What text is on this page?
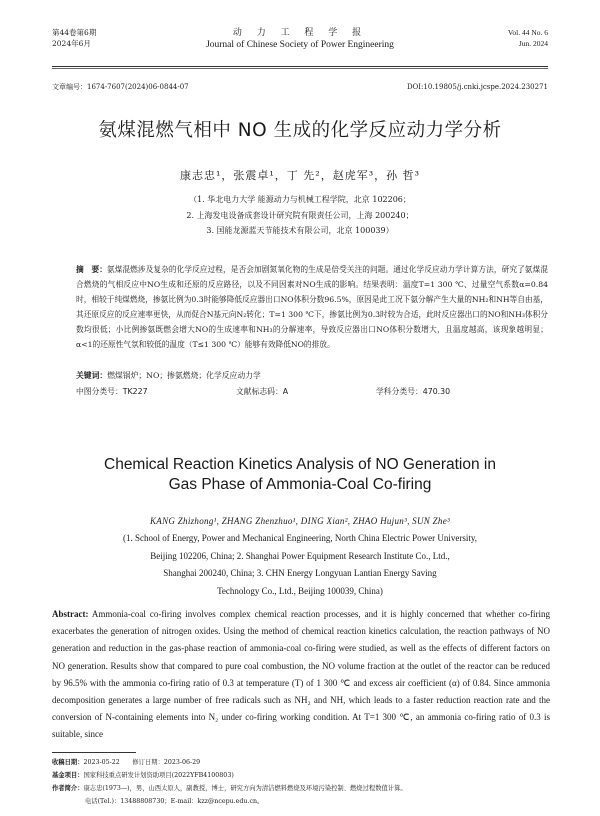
第44卷第6期
2024年6月
动 力 工 程 学 报
Journal of Chinese Society of Power Engineering
Vol. 44 No. 6
Jun. 2024
文章编号：1674-7607(2024)06-0844-07	DOI:10.19805/j.cnki.jcspe.2024.230271
氨煤混燃气相中 NO 生成的化学反应动力学分析
康志忠¹，张震卓¹，丁 先²，赵虎军³，孙 哲³
（1. 华北电力大学 能源动力与机械工程学院，北京 102206；
2. 上海发电设备成套设计研究院有限责任公司，上海 200240；
3. 国能龙源蓝天节能技术有限公司，北京 100039）
摘　要：氨煤混燃涉及复杂的化学反应过程，是否会加剧氮氧化物的生成是倍受关注的问题。通过化学反应动力学计算方法，研究了氨煤混合燃烧的气相反应中NO生成和还原的反应路径，以及不同因素对NO生成的影响。结果表明：温度T=1 300 ℃、过量空气系数α=0.84时，相较于纯煤燃烧，掺氨比例为0.3时能够降低反应器出口NO体积分数96.5%，原因是此工况下氨分解产生大量的NH₂和NH等自由基，其还原反应的反应速率更快，从而促合N基元向N₂转化；T=1 300 ℃下，掺氨比例为0.3时较为合适，此时反应器出口的NO和NH₃体积分数均很低；小比例掺氨既燃会增大NO的生成速率和NH₃的分解速率，导致反应器出口NO体积分数增大，且温度越高，该现象越明显；α<1的还原性气氛和较低的温度（T≤1 300 ℃）能够有效降低NO的排放。
关键词：燃煤锅炉；NO；掺氨燃烧；化学反应动力学
中图分类号：TK227	文献标志码：A	学科分类号：470.30
Chemical Reaction Kinetics Analysis of NO Generation in
Gas Phase of Ammonia-Coal Co-firing
KANG Zhizhong¹, ZHANG Zhenzhuo¹, DING Xian², ZHAO Hujun³, SUN Zhe³
(1. School of Energy, Power and Mechanical Engineering, North China Electric Power University,
Beijing 102206, China; 2. Shanghai Power Equipment Research Institute Co., Ltd.,
Shanghai 200240, China; 3. CHN Energy Longyuan Lantian Energy Saving
Technology Co., Ltd., Beijing 100039, China)
Abstract: Ammonia-coal co-firing involves complex chemical reaction processes, and it is highly concerned that whether co-firing exacerbates the generation of nitrogen oxides. Using the method of chemical reaction kinetics calculation, the reaction pathways of NO generation and reduction in the gas-phase reaction of ammonia-coal co-firing were studied, as well as the effects of different factors on NO generation. Results show that compared to pure coal combustion, the NO volume fraction at the outlet of the reactor can be reduced by 96.5% with the ammonia co-firing ratio of 0.3 at temperature (T) of 1 300 ℃ and excess air coefficient (α) of 0.84. Since ammonia decomposition generates a large number of free radicals such as NH₂ and NH, which leads to a faster reduction reaction rate and the conversion of N-containing elements into N₂ under co-firing working condition. At T=1 300 ℃, an ammonia co-firing ratio of 0.3 is suitable, since
收稿日期：2023-05-22　　修订日期：2023-06-29
基金项目：国家科技重点研发计划资助项目(2022YFB4100803)
作者简介：康志忠(1973—)，男，山西太原人，副教授，博士，研究方向为清洁燃料燃烧及环境污染控制、燃烧过程数值计算。
电话(Tel.)：13488808730；E-mail：kzz@ncepu.edu.cn。
